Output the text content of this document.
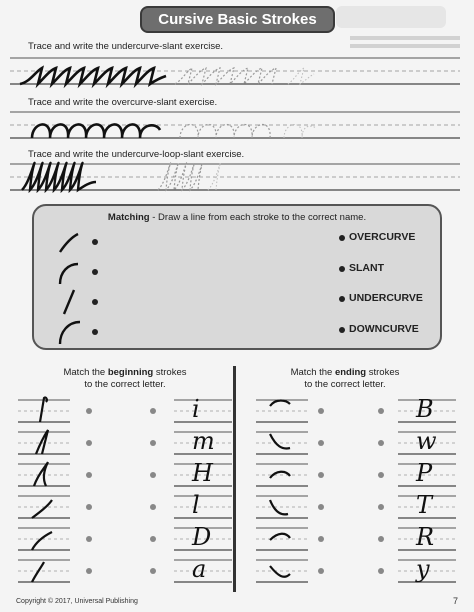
Cursive Basic Strokes
Trace and write the undercurve-slant exercise.
Trace and write the overcurve-slant exercise.
Trace and write the undercurve-loop-slant exercise.
Matching - Draw a line from each stroke to the correct name.
OVERCURVE
SLANT
UNDERCURVE
DOWNCURVE
Match the beginning strokes
to the correct letter.
Match the ending strokes
to the correct letter.
Copyright © 2017, Universal Publishing	7
i	B
m	w
H	P
l	T
D	R
a	y
